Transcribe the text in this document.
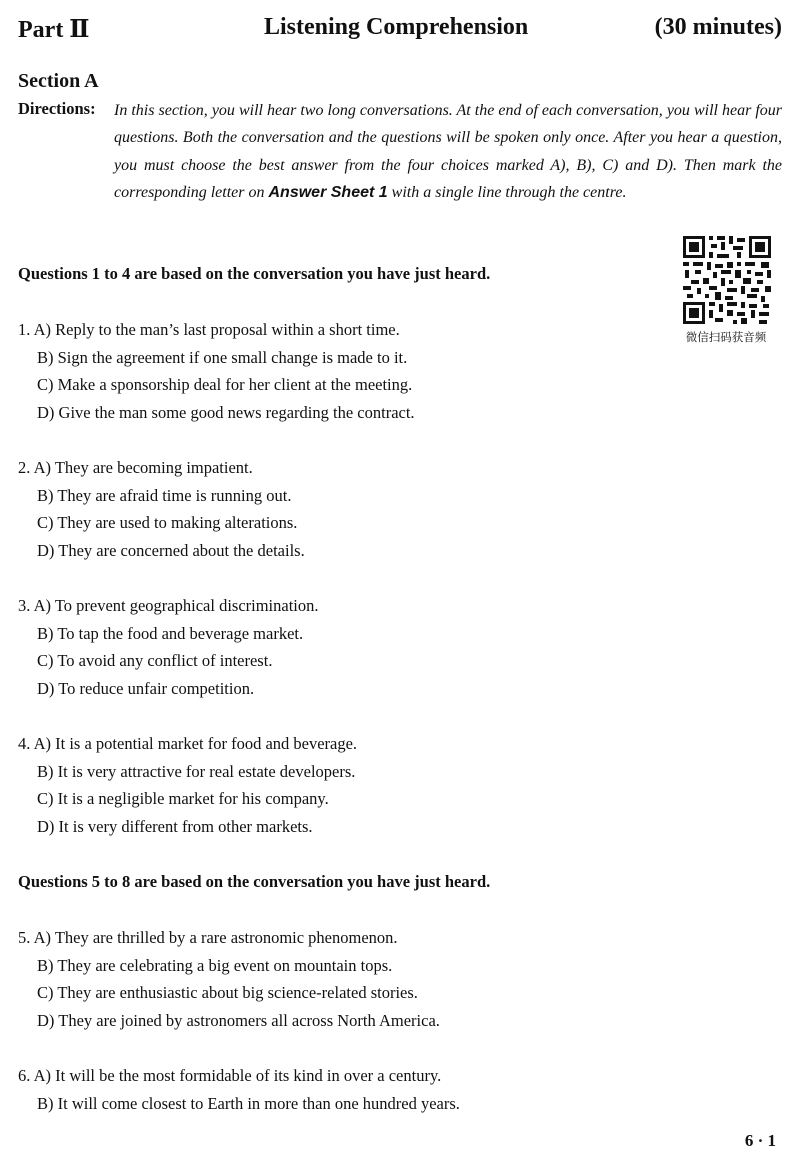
Part Ⅱ	Listening Comprehension	(30 minutes)
Section A
Directions: In this section, you will hear two long conversations. At the end of each conversation, you will hear four questions. Both the conversation and the questions will be spoken only once. After you hear a question, you must choose the best answer from the four choices marked A), B), C) and D). Then mark the corresponding letter on Answer Sheet 1 with a single line through the centre.
微信扫码获音频
Questions 1 to 4 are based on the conversation you have just heard.
1. A) Reply to the man’s last proposal within a short time.
B) Sign the agreement if one small change is made to it.
C) Make a sponsorship deal for her client at the meeting.
D) Give the man some good news regarding the contract.
2. A) They are becoming impatient.
B) They are afraid time is running out.
C) They are used to making alterations.
D) They are concerned about the details.
3. A) To prevent geographical discrimination.
B) To tap the food and beverage market.
C) To avoid any conflict of interest.
D) To reduce unfair competition.
4. A) It is a potential market for food and beverage.
B) It is very attractive for real estate developers.
C) It is a negligible market for his company.
D) It is very different from other markets.
Questions 5 to 8 are based on the conversation you have just heard.
5. A) They are thrilled by a rare astronomic phenomenon.
B) They are celebrating a big event on mountain tops.
C) They are enthusiastic about big science-related stories.
D) They are joined by astronomers all across North America.
6. A) It will be the most formidable of its kind in over a century.
B) It will come closest to Earth in more than one hundred years.
6 · 1
